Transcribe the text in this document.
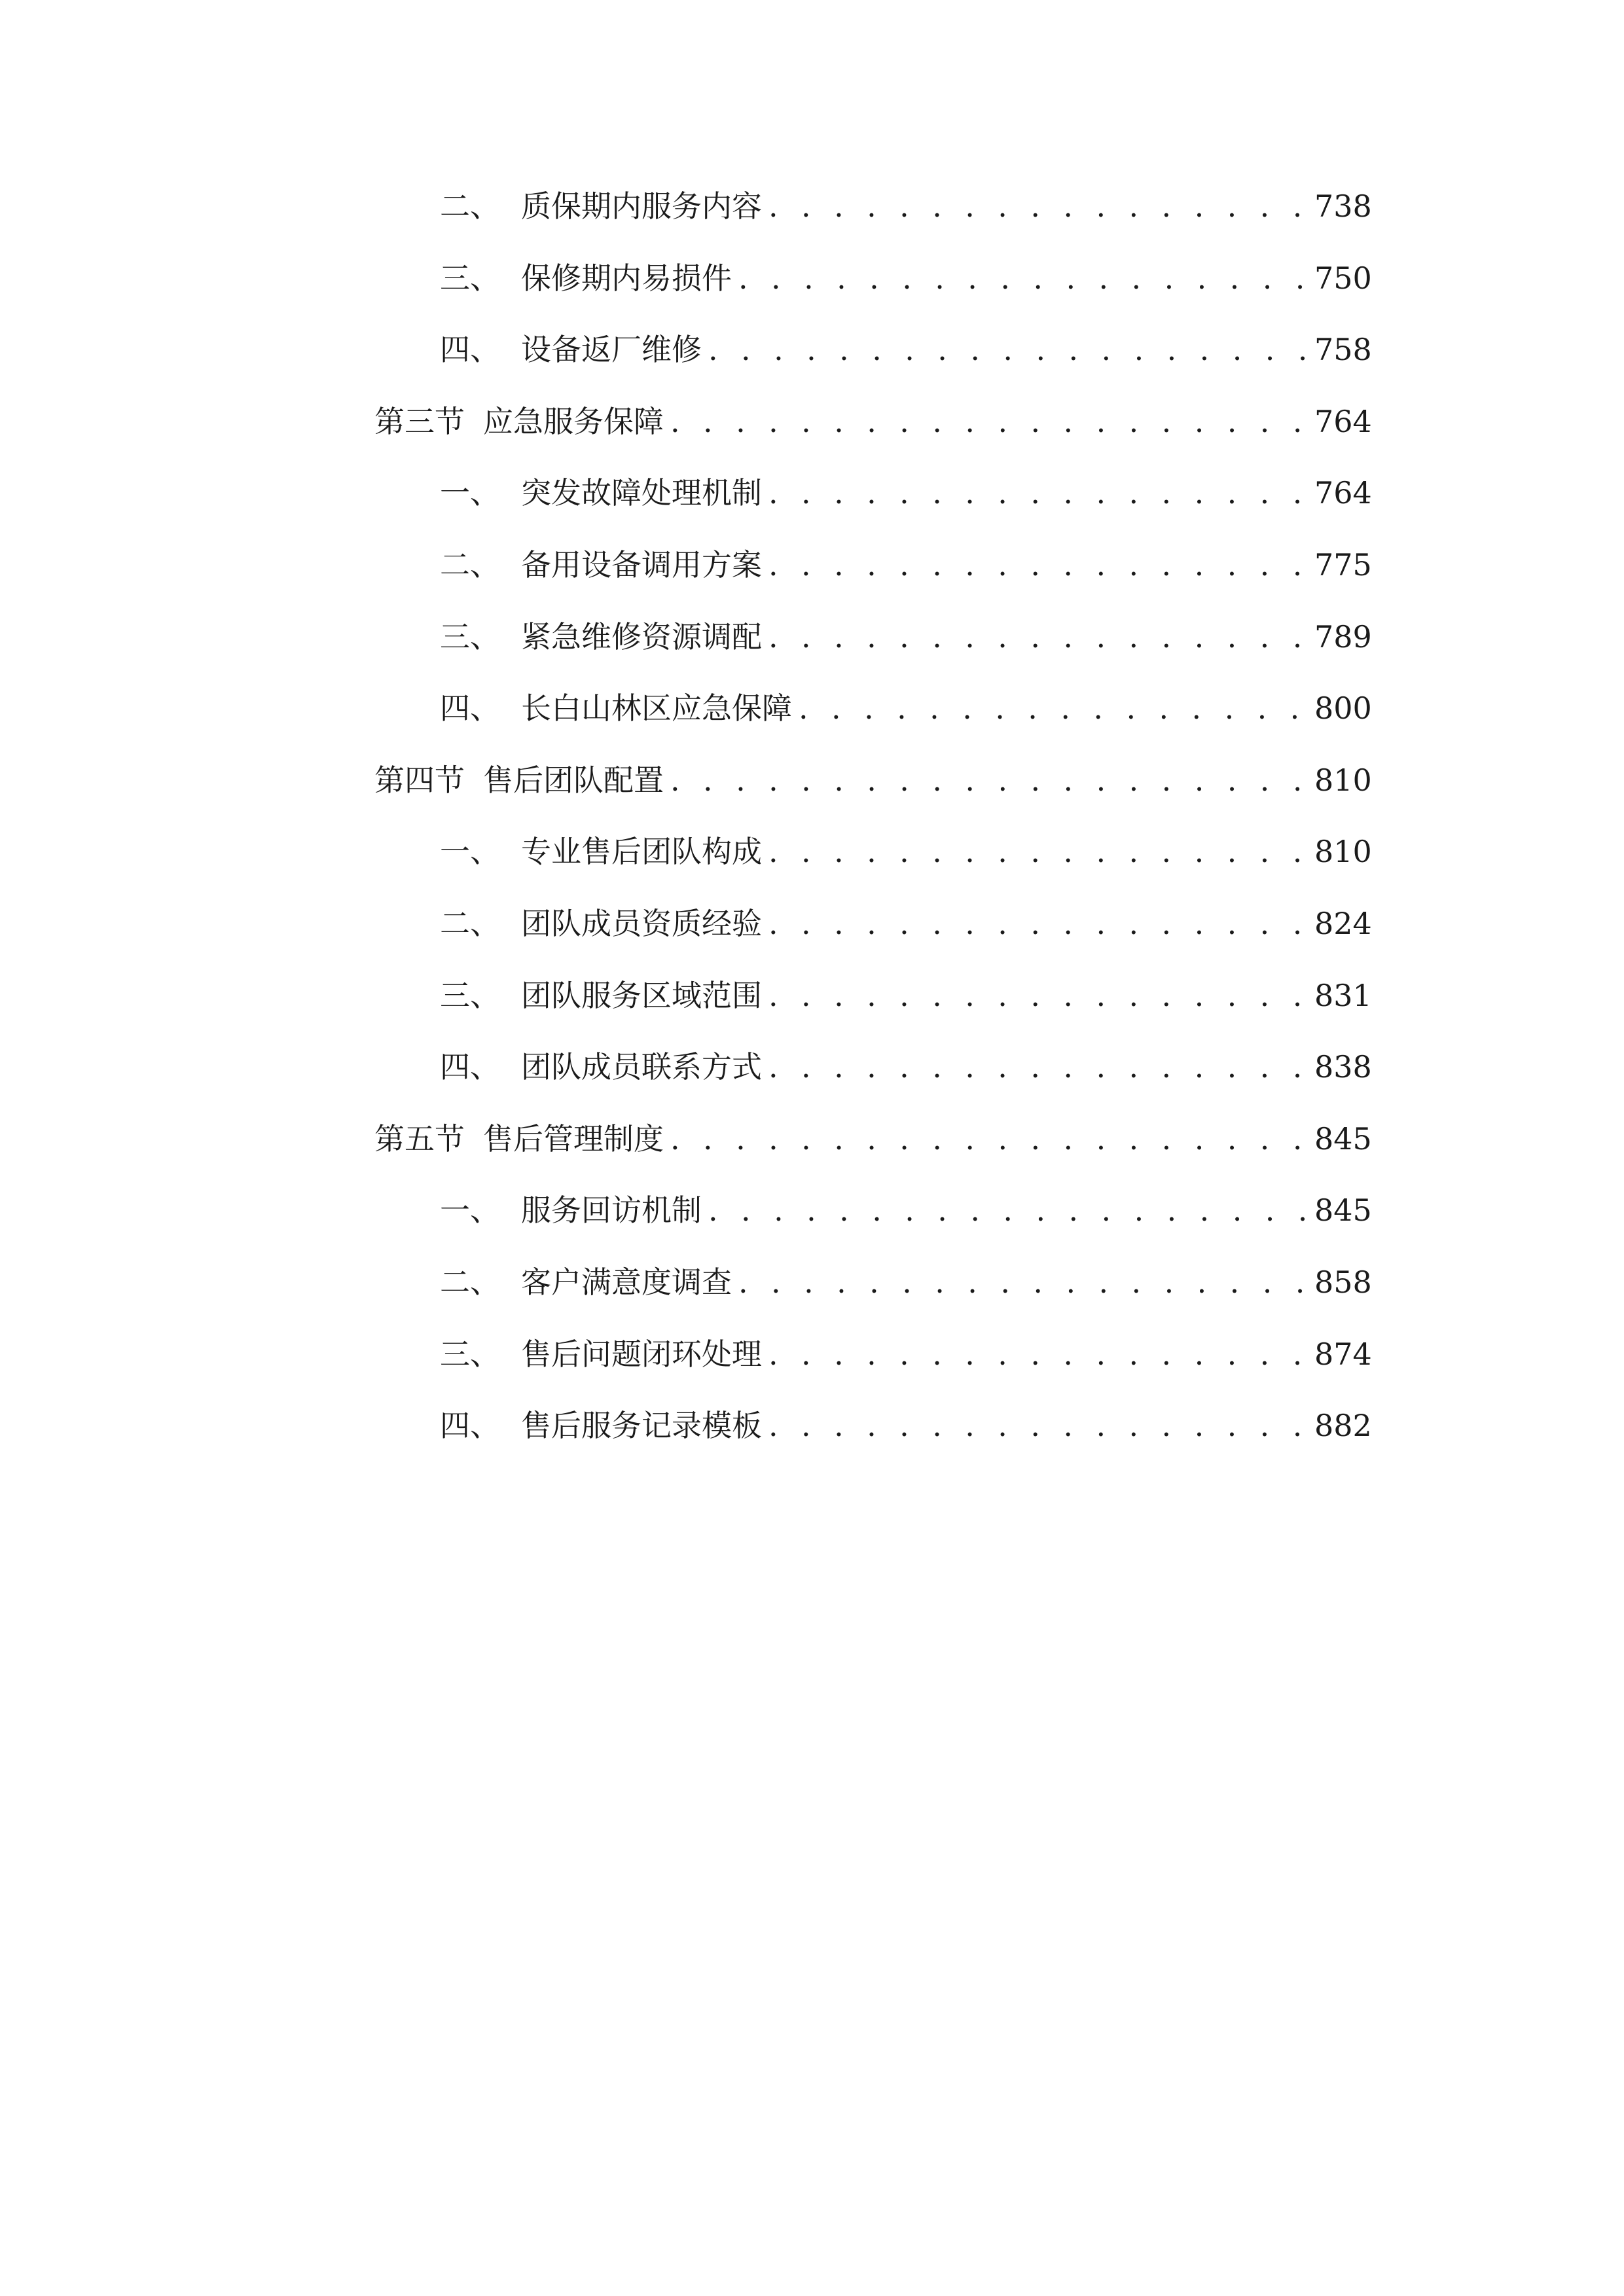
二、 质保期内服务内容 . . .	738
三、 保修期内易损件 . . .	750
四、 设备返厂维修 . . .	758
第三节 应急服务保障 . . .	764
一、 突发故障处理机制 . . .	764
二、 备用设备调用方案 . . .	775
三、 紧急维修资源调配 . . .	789
四、 长白山林区应急保障 . . .	800
第四节 售后团队配置 . . .	810
一、 专业售后团队构成 . . .	810
二、 团队成员资质经验 . . .	824
三、 团队服务区域范围 . . .	831
四、 团队成员联系方式 . . .	838
第五节 售后管理制度 . . .	845
一、 服务回访机制 . . .	845
二、 客户满意度调查 . . .	858
三、 售后问题闭环处理 . . .	874
四、 售后服务记录模板 . . .	882
